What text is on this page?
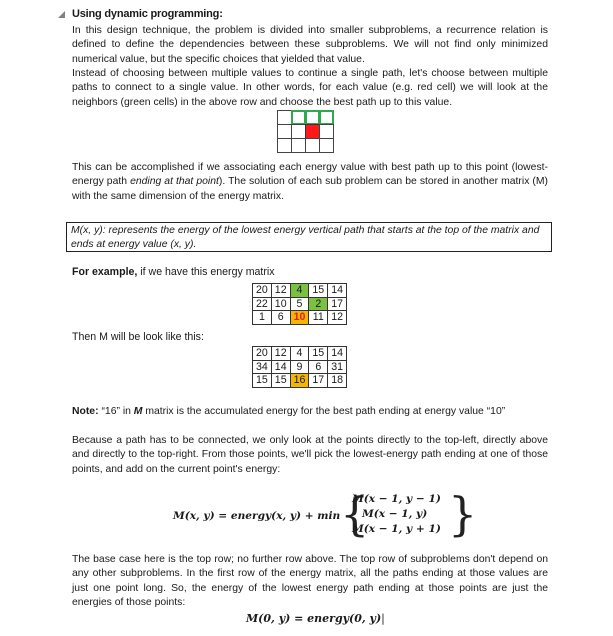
Using dynamic programming:
In this design technique, the problem is divided into smaller subproblems, a recurrence relation is defined to define the dependencies between these subproblems. We will not find only minimized numerical value, but the specific choices that yielded that value.
Instead of choosing between multiple values to continue a single path, let's choose between multiple paths to connect to a single value. In other words, for each value (e.g. red cell) we will look at the neighbors (green cells) in the above row and choose the best path up to this value.
This can be accomplished if we associating each energy value with best path up to this point (lowest-energy path ending at that point). The solution of each sub problem can be stored in another matrix (M) with the same dimension of the energy matrix.
M(x, y): represents the energy of the lowest energy vertical path that starts at the top of the matrix and ends at energy value (x, y).
For example, if we have this energy matrix
20	12	4	15	14
22	10	5	2	17
1	6	10	11	12
Then M will be look like this:
20	12	4	15	14
34	14	9	6	31
15	15	16	17	18
Note: “16” in M matrix is the accumulated energy for the best path ending at energy value “10”
Because a path has to be connected, we only look at the points directly to the top-left, directly above and directly to the top-right. From those points, we'll pick the lowest-energy path ending at one of those points, and add on the current point's energy:
M(x, y) = energy(x, y) + min {
M(x − 1, y − 1)
M(x − 1, y)
M(x − 1, y + 1) }
The base case here is the top row; no further row above. The top row of subproblems don't depend on any other subproblems. In the first row of the energy matrix, all the paths ending at those values are just one point long. So, the energy of the lowest energy path ending at those points are just the energies of those points:
M(0, y) = energy(0, y)|
